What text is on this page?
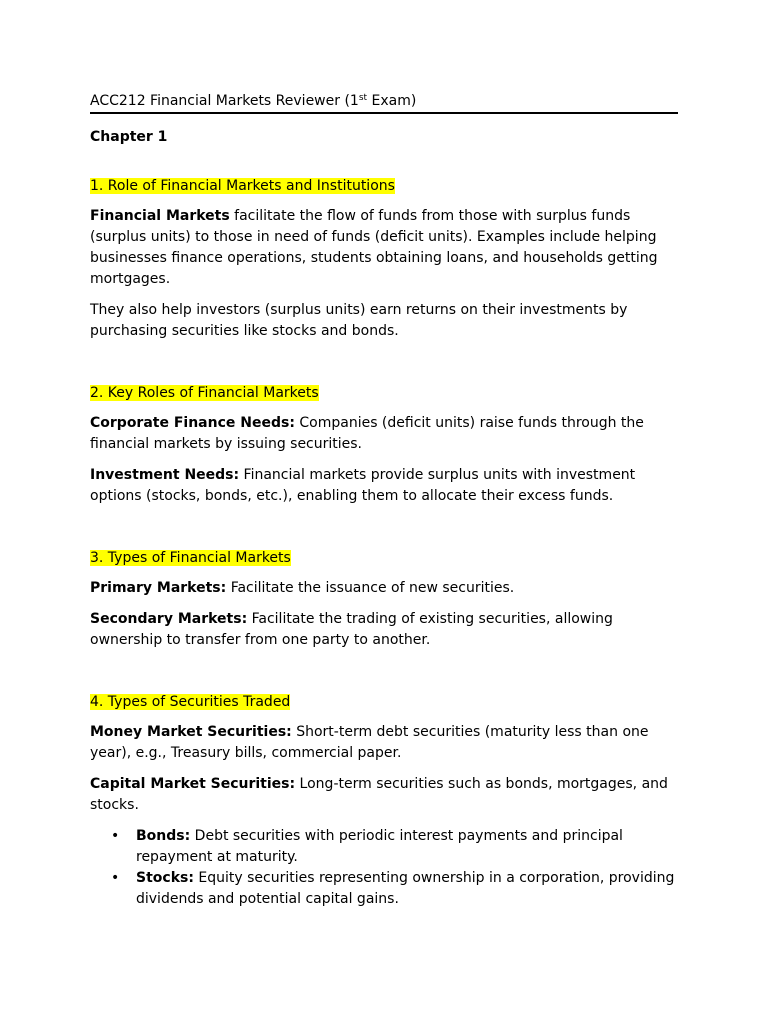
ACC212 Financial Markets Reviewer (1st Exam)
Chapter 1
1. Role of Financial Markets and Institutions
Financial Markets facilitate the flow of funds from those with surplus funds (surplus units) to those in need of funds (deficit units). Examples include helping businesses finance operations, students obtaining loans, and households getting mortgages.
They also help investors (surplus units) earn returns on their investments by purchasing securities like stocks and bonds.
2. Key Roles of Financial Markets
Corporate Finance Needs: Companies (deficit units) raise funds through the financial markets by issuing securities.
Investment Needs: Financial markets provide surplus units with investment options (stocks, bonds, etc.), enabling them to allocate their excess funds.
3. Types of Financial Markets
Primary Markets: Facilitate the issuance of new securities.
Secondary Markets: Facilitate the trading of existing securities, allowing ownership to transfer from one party to another.
4. Types of Securities Traded
Money Market Securities: Short-term debt securities (maturity less than one year), e.g., Treasury bills, commercial paper.
Capital Market Securities: Long-term securities such as bonds, mortgages, and stocks.
• Bonds: Debt securities with periodic interest payments and principal repayment at maturity.
• Stocks: Equity securities representing ownership in a corporation, providing dividends and potential capital gains.
